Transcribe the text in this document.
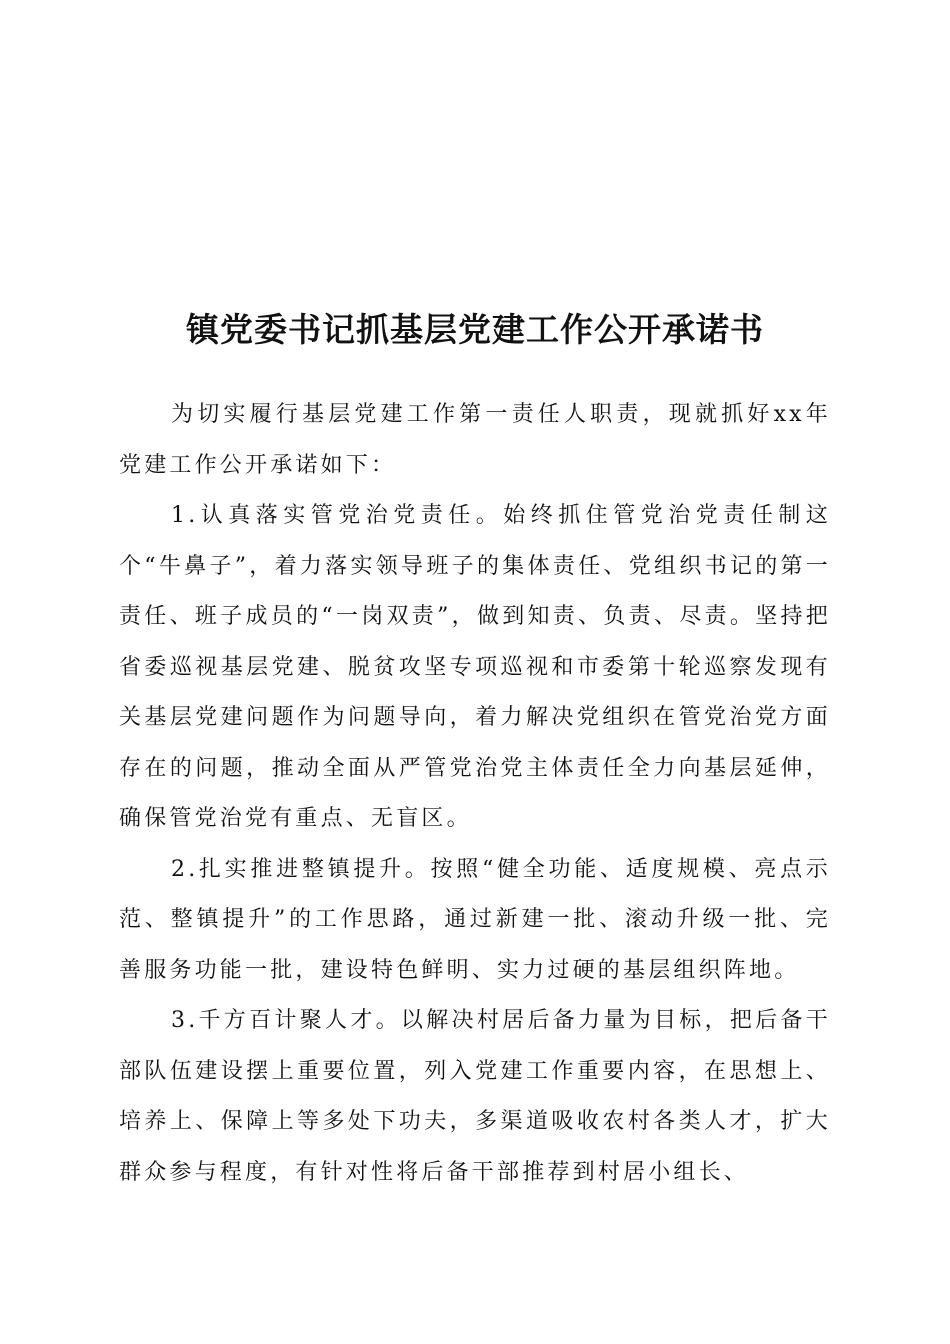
镇党委书记抓基层党建工作公开承诺书

为切实履行基层党建工作第一责任人职责，现就抓好xx年党建工作公开承诺如下：

1.认真落实管党治党责任。始终抓住管党治党责任制这个“牛鼻子”，着力落实领导班子的集体责任、党组织书记的第一责任、班子成员的“一岗双责”，做到知责、负责、尽责。坚持把省委巡视基层党建、脱贫攻坚专项巡视和市委第十轮巡察发现有关基层党建问题作为问题导向，着力解决党组织在管党治党方面存在的问题，推动全面从严管党治党主体责任全力向基层延伸，确保管党治党有重点、无盲区。

2.扎实推进整镇提升。按照“健全功能、适度规模、亮点示范、整镇提升”的工作思路，通过新建一批、滚动升级一批、完善服务功能一批，建设特色鲜明、实力过硬的基层组织阵地。

3.千方百计聚人才。以解决村居后备力量为目标，把后备干部队伍建设摆上重要位置，列入党建工作重要内容，在思想上、培养上、保障上等多处下功夫，多渠道吸收农村各类人才，扩大群众参与程度，有针对性将后备干部推荐到村居小组长、
